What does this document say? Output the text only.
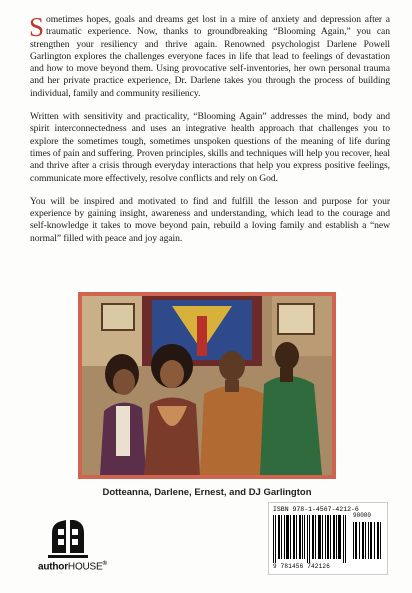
Sometimes hopes, goals and dreams get lost in a mire of anxiety and depression after a traumatic experience. Now, thanks to groundbreaking “Blooming Again,” you can strengthen your resiliency and thrive again. Renowned psychologist Darlene Powell Garlington explores the challenges everyone faces in life that lead to feelings of devastation and how to move beyond them. Using provocative self-inventories, her own personal trauma and her private practice experience, Dr. Darlene takes you through the process of building individual, family and community resiliency.

Written with sensitivity and practicality, “Blooming Again” addresses the mind, body and spirit interconnectedness and uses an integrative health approach that challenges you to explore the sometimes tough, sometimes unspoken questions of the meaning of life during times of pain and suffering. Proven principles, skills and techniques will help you recover, heal and thrive after a crisis through everyday interactions that help you express positive feelings, communicate more effectively, resolve conflicts and rely on God.

You will be inspired and motivated to find and fulfill the lesson and purpose for your experience by gaining insight, awareness and understanding, which lead to the courage and self-knowledge it takes to move beyond pain, rebuild a loving family and establish a “new normal” filled with peace and joy again.

Dotteanna, Darlene, Ernest, and DJ Garlington
authorHOUSE®
ISBN 978-1-4567-4212-6
90000
9 781456 742126
